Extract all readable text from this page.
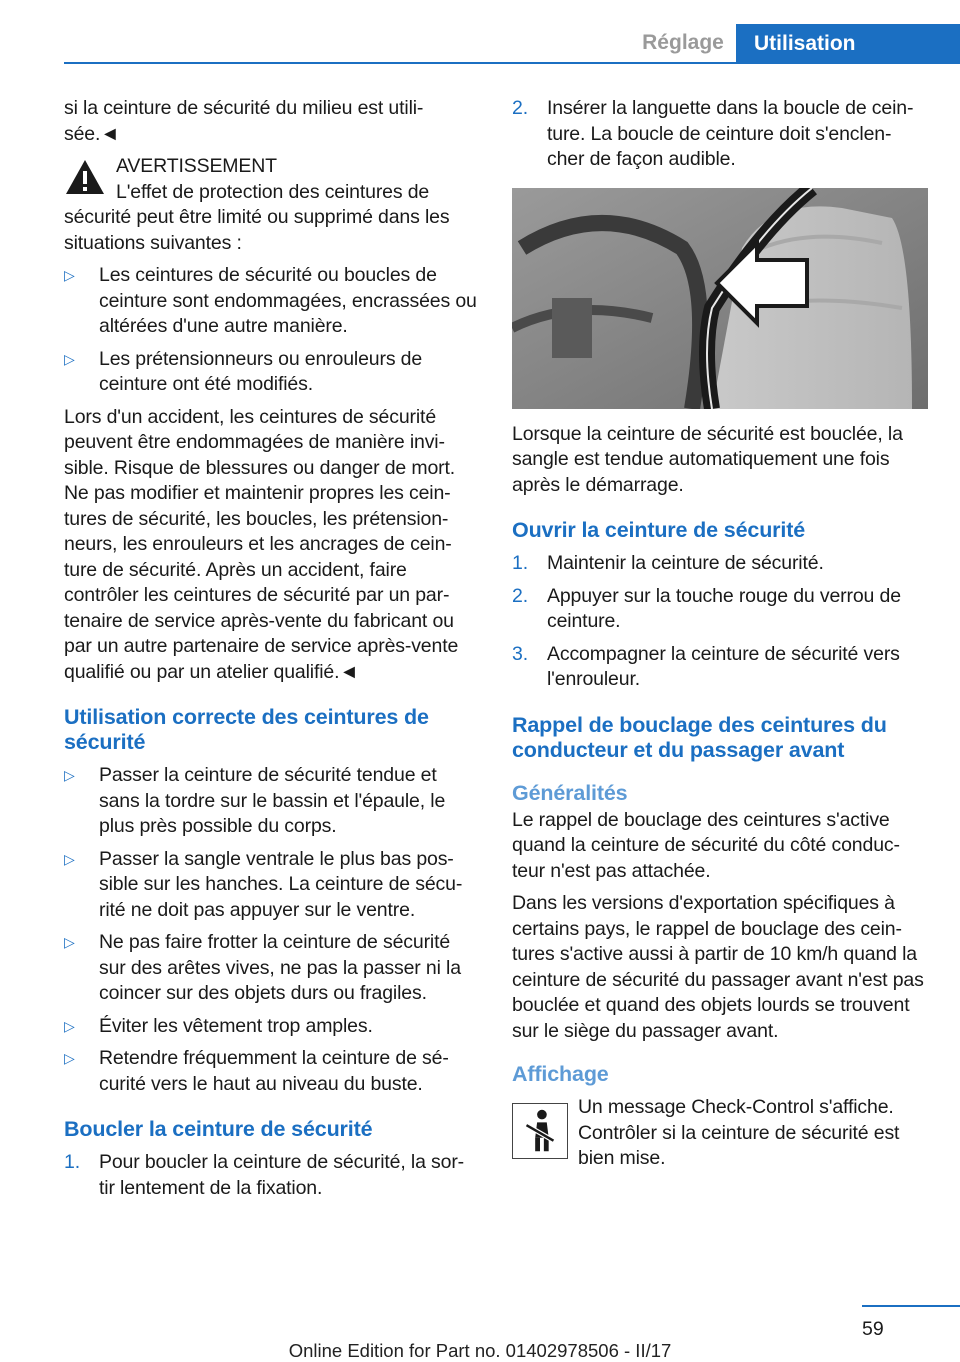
Réglage	Utilisation

si la ceinture de sécurité du milieu est utili-sée.◄

AVERTISSEMENT

L'effet de protection des ceintures de sécurité peut être limité ou supprimé dans les situations suivantes :

▷ Les ceintures de sécurité ou boucles de ceinture sont endommagées, encrassées ou altérées d'une autre manière.
▷ Les prétensionneurs ou enrouleurs de ceinture ont été modifiés.

Lors d'un accident, les ceintures de sécurité peuvent être endommagées de manière invi-sible. Risque de blessures ou danger de mort. Ne pas modifier et maintenir propres les cein-tures de sécurité, les boucles, les prétension-neurs, les enrouleurs et les ancrages de cein-ture de sécurité. Après un accident, faire contrôler les ceintures de sécurité par un par-tenaire de service après-vente du fabricant ou par un autre partenaire de service après-vente qualifié ou par un atelier qualifié.◄

Utilisation correcte des ceintures de sécurité
▷ Passer la ceinture de sécurité tendue et sans la tordre sur le bassin et l'épaule, le plus près possible du corps.
▷ Passer la sangle ventrale le plus bas pos-sible sur les hanches. La ceinture de sécu-rité ne doit pas appuyer sur le ventre.
▷ Ne pas faire frotter la ceinture de sécurité sur des arêtes vives, ne pas la passer ni la coincer sur des objets durs ou fragiles.
▷ Éviter les vêtement trop amples.
▷ Retendre fréquemment la ceinture de sé-curité vers le haut au niveau du buste.
Boucler la ceinture de sécurité
1. Pour boucler la ceinture de sécurité, la sor-tir lentement de la fixation.
2. Insérer la languette dans la boucle de cein-ture. La boucle de ceinture doit s'enclen-cher de façon audible.

Lorsque la ceinture de sécurité est bouclée, la sangle est tendue automatiquement une fois après le démarrage.

Ouvrir la ceinture de sécurité
1. Maintenir la ceinture de sécurité.
2. Appuyer sur la touche rouge du verrou de ceinture.
3. Accompagner la ceinture de sécurité vers l'enrouleur.
Rappel de bouclage des ceintures du conducteur et du passager avant
Généralités

Le rappel de bouclage des ceintures s'active quand la ceinture de sécurité du côté conduc-teur n'est pas attachée.

Dans les versions d'exportation spécifiques à certains pays, le rappel de bouclage des cein-tures s'active aussi à partir de 10 km/h quand la ceinture de sécurité du passager avant n'est pas bouclée et quand des objets lourds se trouvent sur le siège du passager avant.

Affichage

Un message Check-Control s'affiche. Contrôler si la ceinture de sécurité est bien mise.

59
Online Edition for Part no. 01402978506 - II/17
